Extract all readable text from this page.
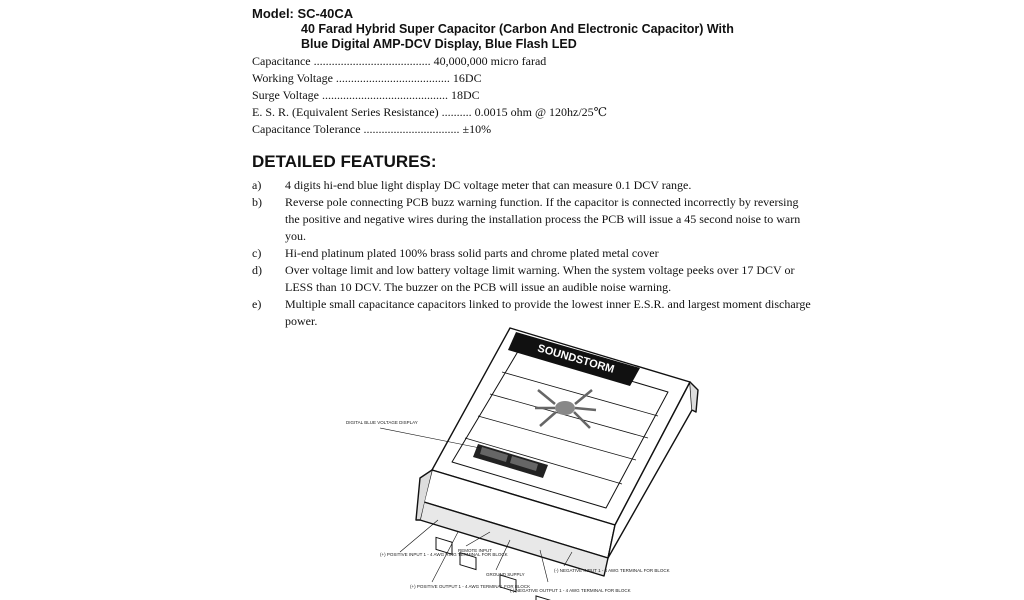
Model: SC-40CA
40 Farad Hybrid Super Capacitor (Carbon And Electronic Capacitor) With
Blue Digital AMP-DCV Display, Blue Flash LED
Capacitance ....................................... 40,000,000 micro farad
Working Voltage ...................................... 16DC
Surge Voltage .......................................... 18DC
E. S. R. (Equivalent Series Resistance) .......... 0.0015 ohm @ 120hz/25℃
Capacitance Tolerance ................................ ±10%
DETAILED FEATURES:
a)	4 digits hi-end blue light display DC voltage meter that can measure 0.1 DCV range.
b)	Reverse pole connecting PCB buzz warning function. If the capacitor is connected incorrectly by reversing the positive and negative wires during the installation process the PCB will issue a 45 second noise to warn you.
c)	Hi-end platinum plated 100% brass solid parts and chrome plated metal cover
d)	Over voltage limit and low battery voltage limit warning. When the system voltage peeks over 17 DCV or LESS than 10 DCV. The buzzer on the PCB will issue an audible noise warning.
e)	Multiple small capacitance capacitors linked to provide the lowest inner E.S.R. and largest moment discharge power.
SOUNDSTORM
DIGITAL BLUE VOLTAGE DISPLAY
(+) POSITIVE INPUT 1 - 4 AWG RING TERMINAL FOR BLOCK
(+) POSITIVE OUTPUT 1 - 4 AWG TERMINAL FOR BLOCK
REMOTE INPUT
GROUND SUPPLY
(-) NEGATIVE INPUT 1 - 4 AWG TERMINAL FOR BLOCK
(-) NEGATIVE OUTPUT 1 - 4 AWG TERMINAL FOR BLOCK
